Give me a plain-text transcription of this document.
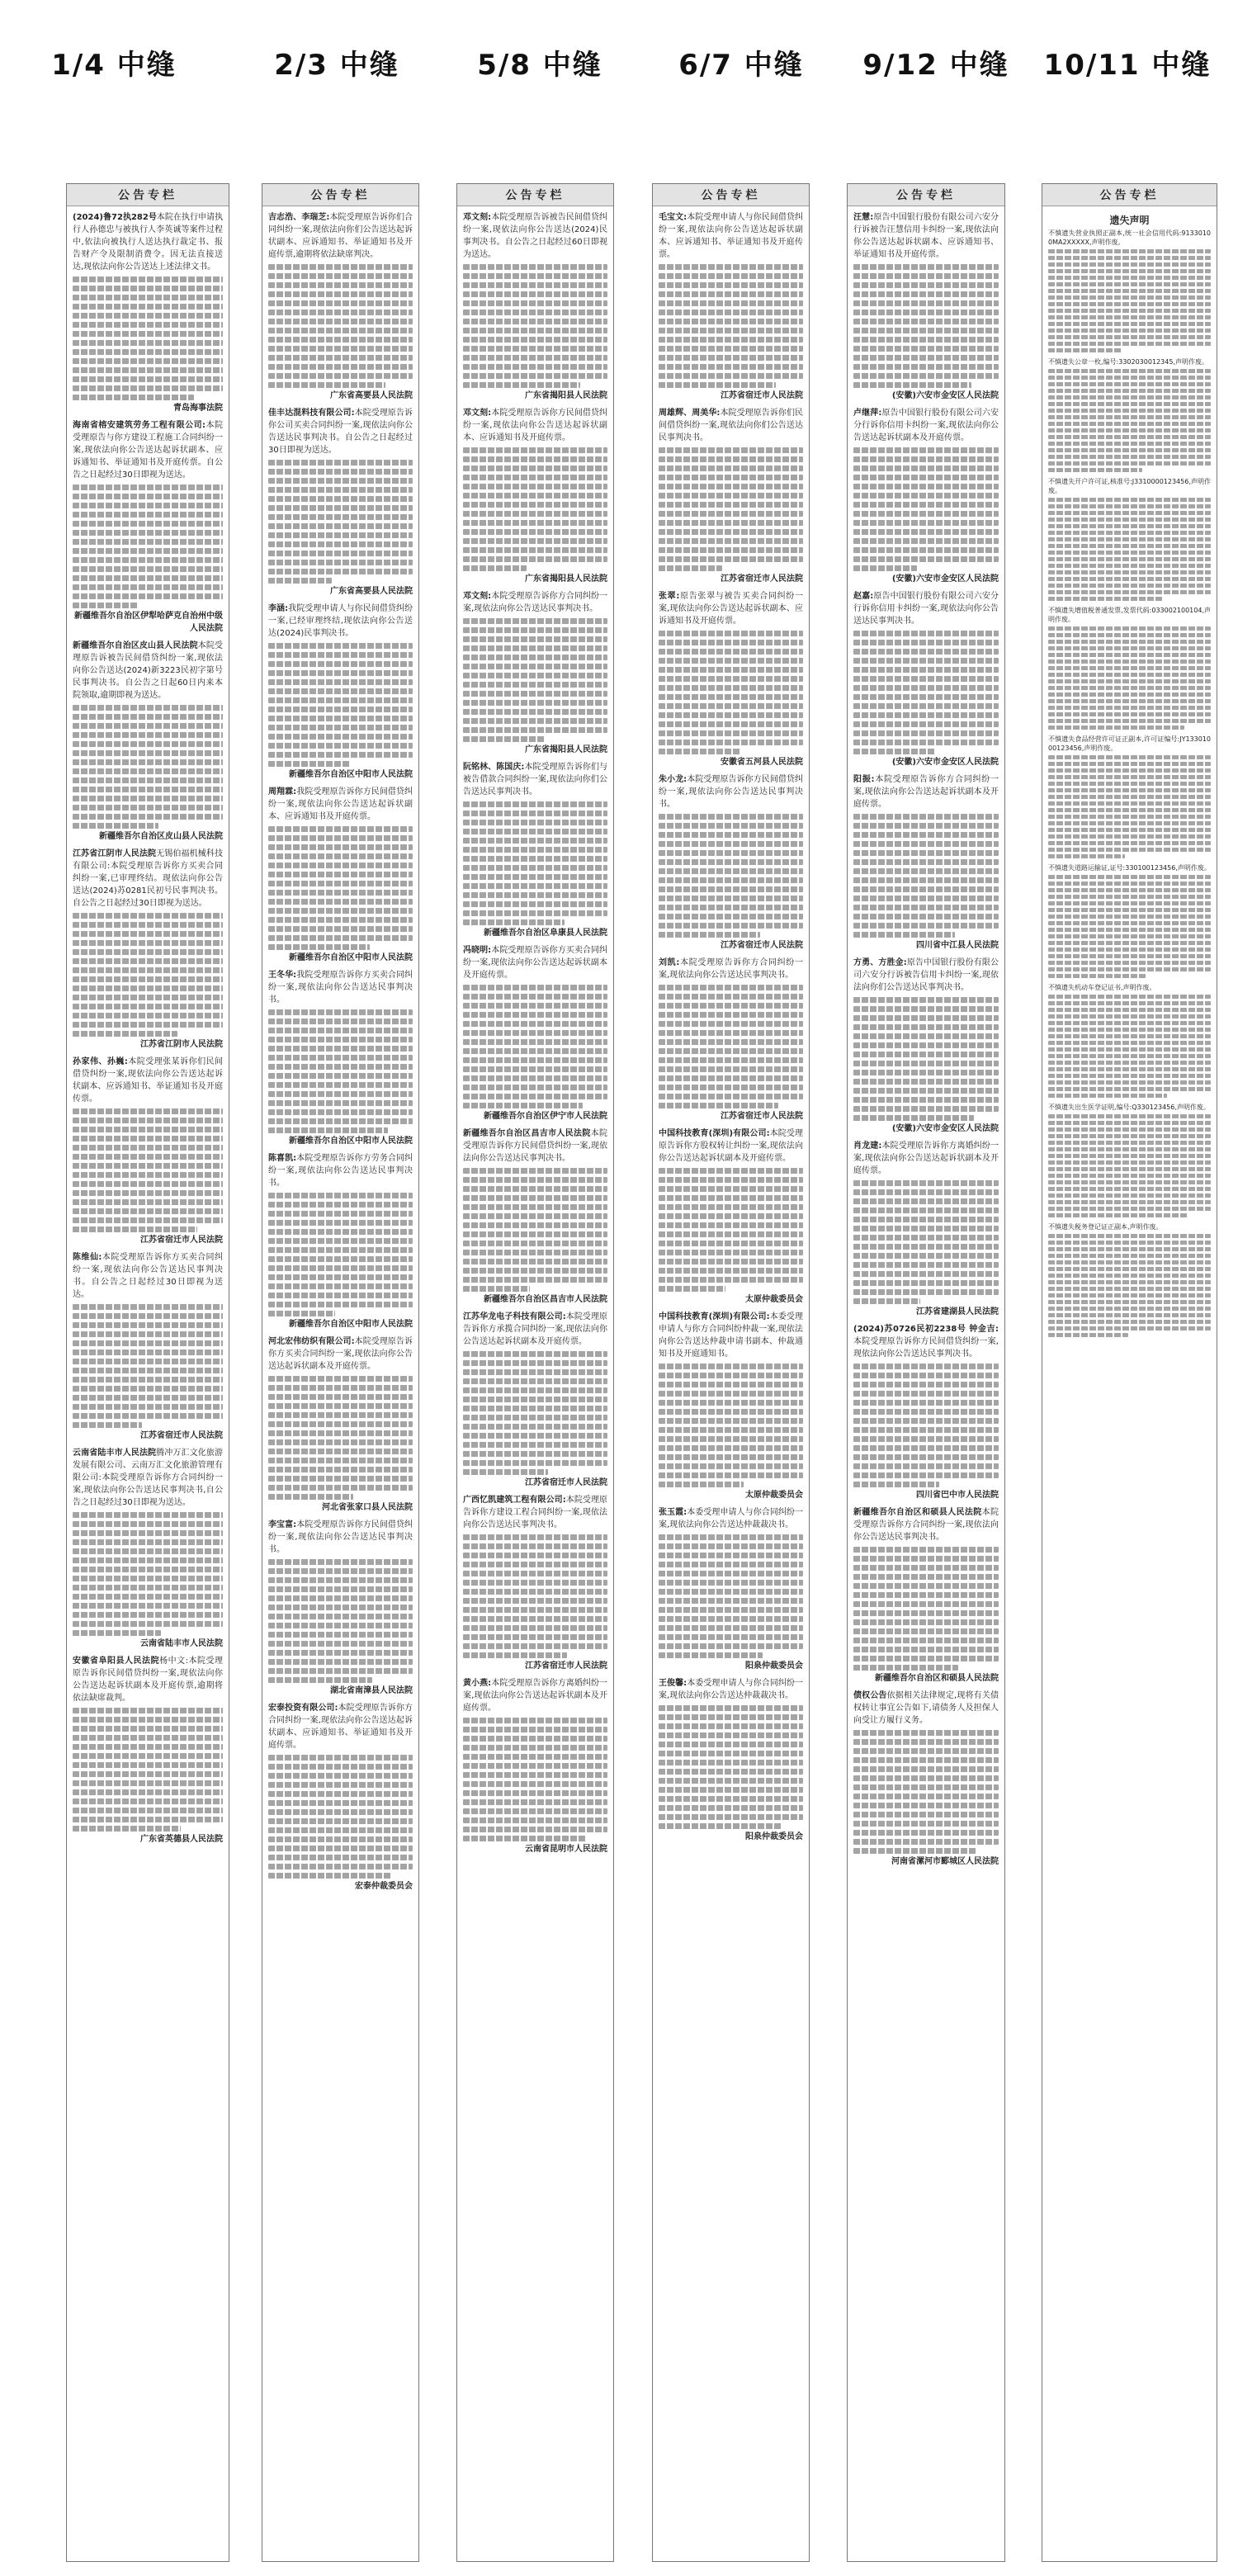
1/4 中缝
公告专栏
(2024)鲁72执282号本院在执行申请执行人孙德忠与被执行人李英诚等案件过程中,依法向被执行人送达执行裁定书、报告财产令及限制消费令。因无法直接送达,现依法向你公告送达上述法律文书。
青岛海事法院
海南省榕安建筑劳务工程有限公司:本院受理原告与你方建设工程施工合同纠纷一案,现依法向你公告送达起诉状副本、应诉通知书、举证通知书及开庭传票。自公告之日起经过30日即视为送达。
新疆维吾尔自治区伊犁哈萨克自治州中级人民法院
新疆维吾尔自治区皮山县人民法院本院受理原告诉被告民间借贷纠纷一案,现依法向你公告送达(2024)新3223民初字第号民事判决书。自公告之日起60日内来本院领取,逾期即视为送达。
新疆维吾尔自治区皮山县人民法院
江苏省江阴市人民法院无锡伯福机械科技有限公司:本院受理原告诉你方买卖合同纠纷一案,已审理终结。现依法向你公告送达(2024)苏0281民初号民事判决书。自公告之日起经过30日即视为送达。
江苏省江阴市人民法院
孙家伟、孙巍:本院受理张某诉你们民间借贷纠纷一案,现依法向你公告送达起诉状副本、应诉通知书、举证通知书及开庭传票。
江苏省宿迁市人民法院
陈维仙:本院受理原告诉你方买卖合同纠纷一案,现依法向你公告送达民事判决书。自公告之日起经过30日即视为送达。
江苏省宿迁市人民法院
云南省陆丰市人民法院腾冲万汇文化旅游发展有限公司、云南万汇文化旅游管理有限公司:本院受理原告诉你方合同纠纷一案,现依法向你公告送达民事判决书,自公告之日起经过30日即视为送达。
云南省陆丰市人民法院
安徽省阜阳县人民法院杨中文:本院受理原告诉你民间借贷纠纷一案,现依法向你公告送达起诉状副本及开庭传票,逾期将依法缺席裁判。
广东省英德县人民法院
2/3 中缝
公告专栏
吉志浩、李瑞芝:本院受理原告诉你们合同纠纷一案,现依法向你们公告送达起诉状副本、应诉通知书、举证通知书及开庭传票,逾期将依法缺席判决。
广东省高要县人民法院
佳丰达混料技有限公司:本院受理原告诉你公司买卖合同纠纷一案,现依法向你公告送达民事判决书。自公告之日起经过30日即视为送达。
广东省高要县人民法院
李涵:我院受理申请人与你民间借贷纠纷一案,已经审理终结,现依法向你公告送达(2024)民事判决书。
新疆维吾尔自治区中阳市人民法院
周翔霖:我院受理原告诉你方民间借贷纠纷一案,现依法向你公告送达起诉状副本、应诉通知书及开庭传票。
新疆维吾尔自治区中阳市人民法院
王冬华:我院受理原告诉你方买卖合同纠纷一案,现依法向你公告送达民事判决书。
新疆维吾尔自治区中阳市人民法院
陈喜凯:本院受理原告诉你方劳务合同纠纷一案,现依法向你公告送达民事判决书。
新疆维吾尔自治区中阳市人民法院
河北宏伟纺织有限公司:本院受理原告诉你方买卖合同纠纷一案,现依法向你公告送达起诉状副本及开庭传票。
河北省张家口县人民法院
李宝富:本院受理原告诉你方民间借贷纠纷一案,现依法向你公告送达民事判决书。
湖北省南漳县人民法院
宏泰投资有限公司:本院受理原告诉你方合同纠纷一案,现依法向你公告送达起诉状副本、应诉通知书、举证通知书及开庭传票。
宏泰仲裁委员会
5/8 中缝
公告专栏
邓文刻:本院受理原告诉被告民间借贷纠纷一案,现依法向你公告送达(2024)民事判决书。自公告之日起经过60日即视为送达。
广东省揭阳县人民法院
邓文刻:本院受理原告诉你方民间借贷纠纷一案,现依法向你公告送达起诉状副本、应诉通知书及开庭传票。
广东省揭阳县人民法院
邓文刻:本院受理原告诉你方合同纠纷一案,现依法向你公告送达民事判决书。
广东省揭阳县人民法院
阮铭林、陈国庆:本院受理原告诉你们与被告借款合同纠纷一案,现依法向你们公告送达民事判决书。
新疆维吾尔自治区阜康县人民法院
冯晓明:本院受理原告诉你方买卖合同纠纷一案,现依法向你公告送达起诉状副本及开庭传票。
新疆维吾尔自治区伊宁市人民法院
新疆维吾尔自治区昌吉市人民法院本院受理原告诉你方民间借贷纠纷一案,现依法向你公告送达民事判决书。
新疆维吾尔自治区昌吉市人民法院
江苏华龙电子科技有限公司:本院受理原告诉你方承揽合同纠纷一案,现依法向你公告送达起诉状副本及开庭传票。
江苏省宿迁市人民法院
广西忆凯建筑工程有限公司:本院受理原告诉你方建设工程合同纠纷一案,现依法向你公告送达民事判决书。
江苏省宿迁市人民法院
黄小燕:本院受理原告诉你方离婚纠纷一案,现依法向你公告送达起诉状副本及开庭传票。
云南省昆明市人民法院
6/7 中缝
公告专栏
毛宝文:本院受理申请人与你民间借贷纠纷一案,现依法向你公告送达起诉状副本、应诉通知书、举证通知书及开庭传票。
江苏省宿迁市人民法院
周雄辉、周美华:本院受理原告诉你们民间借贷纠纷一案,现依法向你们公告送达民事判决书。
江苏省宿迁市人民法院
张翠:原告张翠与被告买卖合同纠纷一案,现依法向你公告送达起诉状副本、应诉通知书及开庭传票。
安徽省五河县人民法院
朱小龙:本院受理原告诉你方民间借贷纠纷一案,现依法向你公告送达民事判决书。
江苏省宿迁市人民法院
刘凯:本院受理原告诉你方合同纠纷一案,现依法向你公告送达民事判决书。
江苏省宿迁市人民法院
中国科技教育(深圳)有限公司:本院受理原告诉你方股权转让纠纷一案,现依法向你公告送达起诉状副本及开庭传票。
太原仲裁委员会
中国科技教育(深圳)有限公司:本委受理申请人与你方合同纠纷仲裁一案,现依法向你公告送达仲裁申请书副本、仲裁通知书及开庭通知书。
太原仲裁委员会
张玉霞:本委受理申请人与你合同纠纷一案,现依法向你公告送达仲裁裁决书。
阳泉仲裁委员会
王俊馨:本委受理申请人与你合同纠纷一案,现依法向你公告送达仲裁裁决书。
阳泉仲裁委员会
9/12 中缝
公告专栏
汪慧:原告中国银行股份有限公司六安分行诉被告汪慧信用卡纠纷一案,现依法向你公告送达起诉状副本、应诉通知书、举证通知书及开庭传票。
(安徽)六安市金安区人民法院
卢继萍:原告中国银行股份有限公司六安分行诉你信用卡纠纷一案,现依法向你公告送达起诉状副本及开庭传票。
(安徽)六安市金安区人民法院
赵嘉:原告中国银行股份有限公司六安分行诉你信用卡纠纷一案,现依法向你公告送达民事判决书。
(安徽)六安市金安区人民法院
阳振:本院受理原告诉你方合同纠纷一案,现依法向你公告送达起诉状副本及开庭传票。
四川省中江县人民法院
方勇、方胜金:原告中国银行股份有限公司六安分行诉被告信用卡纠纷一案,现依法向你们公告送达民事判决书。
(安徽)六安市金安区人民法院
肖龙建:本院受理原告诉你方离婚纠纷一案,现依法向你公告送达起诉状副本及开庭传票。
江苏省建湖县人民法院
(2024)苏0726民初2238号 钟金吉:本院受理原告诉你方民间借贷纠纷一案,现依法向你公告送达民事判决书。
四川省巴中市人民法院
新疆维吾尔自治区和硕县人民法院本院受理原告诉你方合同纠纷一案,现依法向你公告送达民事判决书。
新疆维吾尔自治区和硕县人民法院
债权公告依据相关法律规定,现将有关债权转让事宜公告如下,请债务人及担保人向受让方履行义务。
河南省漯河市郾城区人民法院
10/11 中缝
公告专栏
遗失声明
不慎遗失营业执照正副本,统一社会信用代码:91330100MA2XXXXX,声明作废。
不慎遗失公章一枚,编号:3302030012345,声明作废。
不慎遗失开户许可证,核准号:J3310000123456,声明作废。
不慎遗失增值税普通发票,发票代码:033002100104,声明作废。
不慎遗失食品经营许可证正副本,许可证编号:JY13301000123456,声明作废。
不慎遗失道路运输证,证号:330100123456,声明作废。
不慎遗失机动车登记证书,声明作废。
不慎遗失出生医学证明,编号:Q330123456,声明作废。
不慎遗失税务登记证正副本,声明作废。
